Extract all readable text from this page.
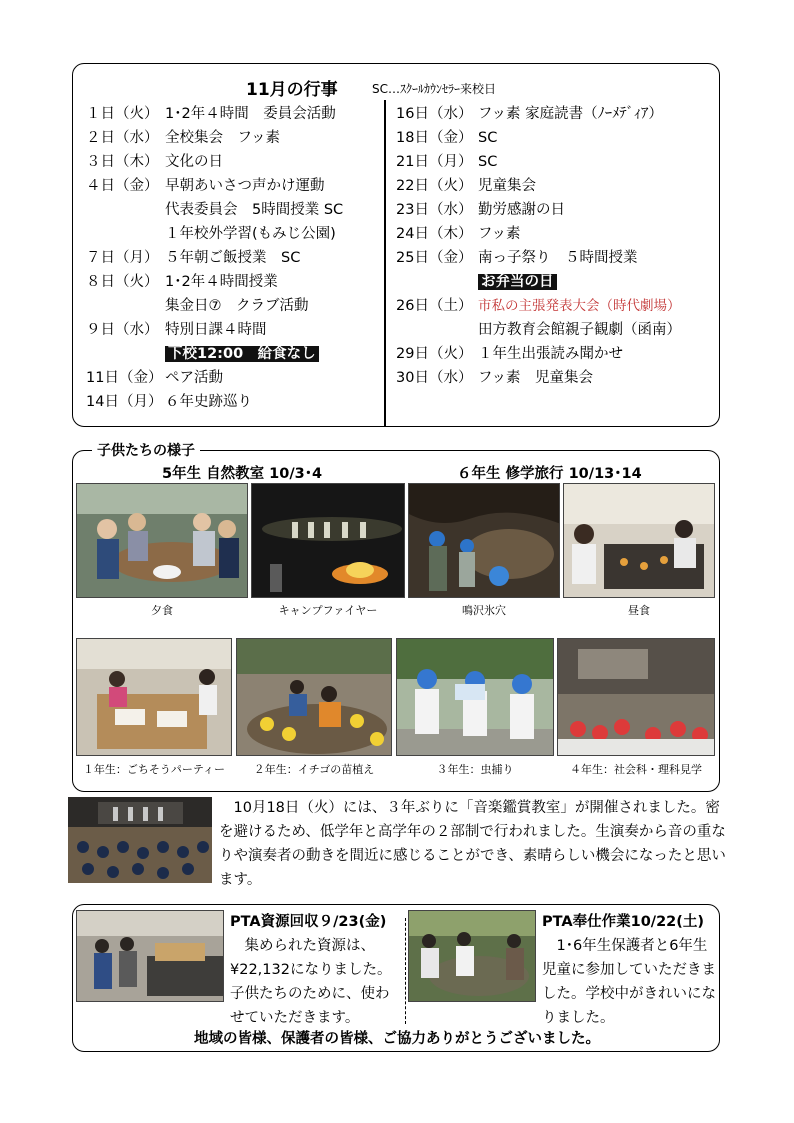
11月の行事	SC…ｽｸｰﾙｶｳﾝｾﾗｰ来校日
１日（火） 1･2年４時間　委員会活動
２日（水） 全校集会　フッ素
３日（木） 文化の日
４日（金） 早朝あいさつ声かけ運動
代表委員会　5時間授業 SC
１年校外学習(もみじ公園)
７日（月） ５年朝ご飯授業　SC
８日（火） 1･2年４時間授業
集金日⑦　クラブ活動
９日（水） 特別日課４時間
下校12:00　給食なし
11日（金） ペア活動
14日（月） ６年史跡巡り
16日（水） フッ素 家庭読書（ﾉｰﾒﾃﾞｨｱ）
18日（金） SC
21日（月） SC
22日（火） 児童集会
23日（水） 勤労感謝の日
24日（木） フッ素
25日（金） 南っ子祭り　５時間授業
お弁当の日
26日（土） 市私の主張発表大会（時代劇場）
田方教育会館親子観劇（函南）
29日（火） １年生出張読み聞かせ
30日（水） フッ素　児童集会
子供たちの様子
5年生 自然教室 10/3･4	６年生 修学旅行 10/13･14
夕食	キャンプファイヤー	鳴沢氷穴	昼食
１年生：ごちそうパーティー	２年生：イチゴの苗植え	３年生：虫捕り	４年生：社会科・理科見学

10月18日（火）には、３年ぶりに「音楽鑑賞教室」が開催されました。密を避けるため、低学年と高学年の２部制で行われました。生演奏から音の重なりや演奏者の動きを間近に感じることができ、素晴らしい機会になったと思います。

PTA資源回収９/23(金)
集められた資源は、¥22,132になりました。子供たちのために、使わせていただきます。
PTA奉仕作業10/22(土)
1･6年生保護者と6年生児童に参加していただきました。学校中がきれいになりました。
地域の皆様、保護者の皆様、ご協力ありがとうございました。
